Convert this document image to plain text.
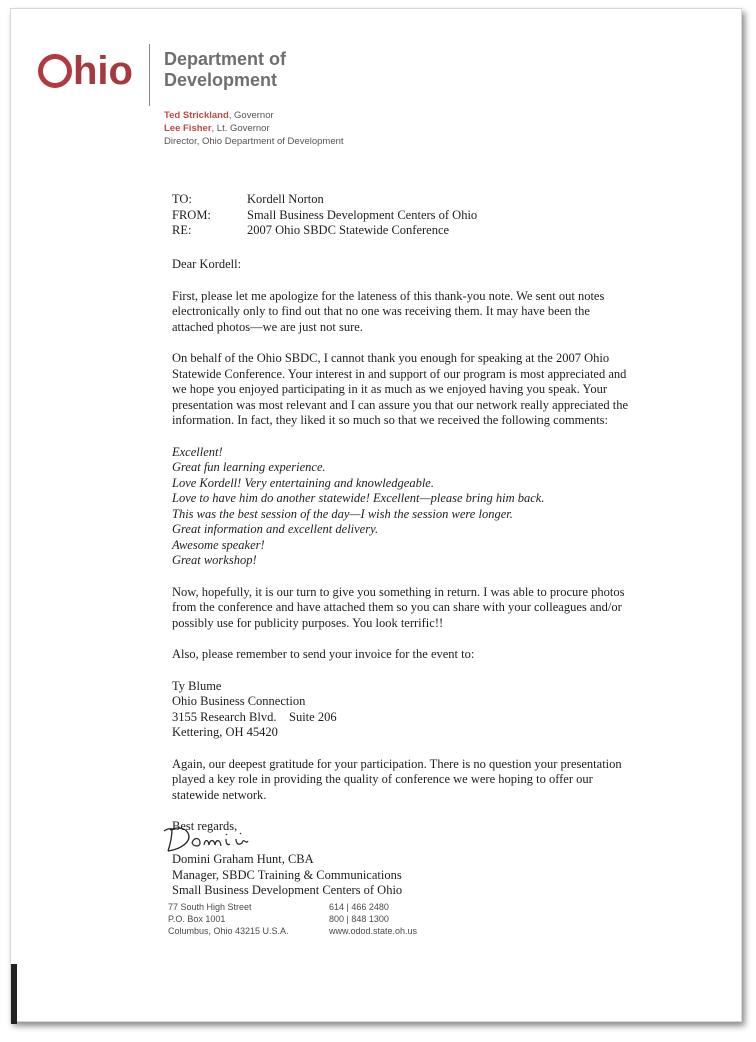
hio Department of
Development
Ted Strickland, Governor
Lee Fisher, Lt. Governor
Director, Ohio Department of Development
TO:	Kordell Norton
FROM:	Small Business Development Centers of Ohio
RE:	2007 Ohio SBDC Statewide Conference

Dear Kordell:

First, please let me apologize for the lateness of this thank-you note. We sent out notes
electronically only to find out that no one was receiving them. It may have been the
attached photos—we are just not sure.

On behalf of the Ohio SBDC, I cannot thank you enough for speaking at the 2007 Ohio
Statewide Conference. Your interest in and support of our program is most appreciated and
we hope you enjoyed participating in it as much as we enjoyed having you speak. Your
presentation was most relevant and I can assure you that our network really appreciated the
information. In fact, they liked it so much so that we received the following comments:

Excellent!
Great fun learning experience.
Love Kordell! Very entertaining and knowledgeable.
Love to have him do another statewide! Excellent—please bring him back.
This was the best session of the day—I wish the session were longer.
Great information and excellent delivery.
Awesome speaker!
Great workshop!

Now, hopefully, it is our turn to give you something in return. I was able to procure photos
from the conference and have attached them so you can share with your colleagues and/or
possibly use for publicity purposes. You look terrific!!

Also, please remember to send your invoice for the event to:

Ty Blume
Ohio Business Connection
3155 Research Blvd.    Suite 206
Kettering, OH 45420

Again, our deepest gratitude for your participation. There is no question your presentation
played a key role in providing the quality of conference we were hoping to offer our
statewide network.

Best regards,

Domini Graham Hunt, CBA
Manager, SBDC Training & Communications
Small Business Development Centers of Ohio
77 South High Street
P.O. Box 1001
Columbus, Ohio 43215 U.S.A.
614 | 466 2480
800 | 848 1300
www.odod.state.oh.us
